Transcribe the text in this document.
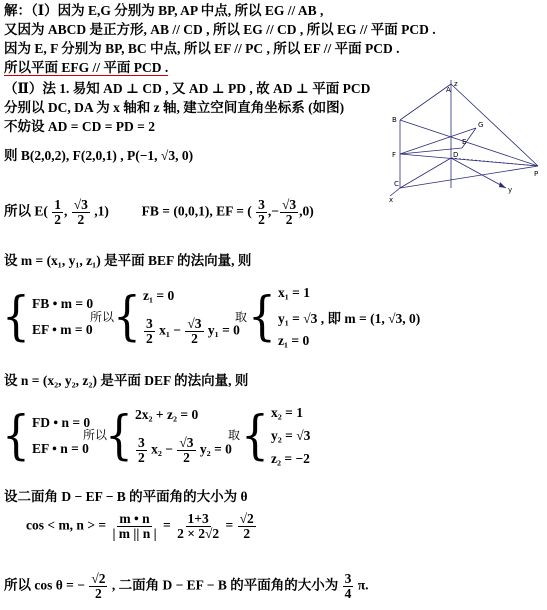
解：（Ⅰ）因为 E,G 分别为 BP, AP 中点, 所以 EG // AB ,
又因为 ABCD 是正方形, AB // CD , 所以 EG // CD , 所以 EG // 平面 PCD .
因为 E, F 分别为 BP, BC 中点, 所以 EF // PC , 所以 EF // 平面 PCD .
所以平面 EFG // 平面 PCD .
（Ⅱ）法 1. 易知 AD ⊥ CD , 又 AD ⊥ PD , 故 AD ⊥ 平面 PCD
分别以 DC, DA 为 x 轴和 z 轴, 建立空间直角坐标系 (如图)
不妨设 AD = CD = PD = 2
则 B(2,0,2), F(2,0,1) , P(−1, √3, 0)
所以 $E( \frac{1}{2}$ , $\frac{√3}{2} ,1$) FB = (0,0,1), EF = ( $\frac{3}{2}$ ,− $\frac{√3}{2} ,0$)
设 m = (x₁, y₁, z₁) 是平面 BEF 的法向量, 则
{ FB • m = 0
EF • m = 0
所以
{ z₁ = 0
$\frac{3}{2} x_1 - \frac{√3}{2} y_1 = 0$
取 { x₁ = 1
y₁ = √3 , 即 m = (1, √3, 0)
z₁ = 0
设 n = (x₂, y₂, z₂) 是平面 DEF 的法向量, 则
{ FD • n = 0
EF • n = 0
所以
{ 2x₂ + z₂ = 0
$\frac{3}{2} x_2 - \frac{√3}{2} y_2 = 0$
取 { x₂ = 1
y₂ = √3
z₂ = −2
设二面角 D − EF − B 的平面角的大小为 θ
cos < m, n > = $\frac{m • n}{| m || n |} = \frac{1+3}{2 \times 2√2} = \frac{√2}{2}$
所以 cos θ = − $\frac{√2}{2}$ , 二面角 D − EF − B 的平面角的大小为 $\frac{3}{4} \pi$.
z
A
B
G
F	D
E
P
C
x
y
